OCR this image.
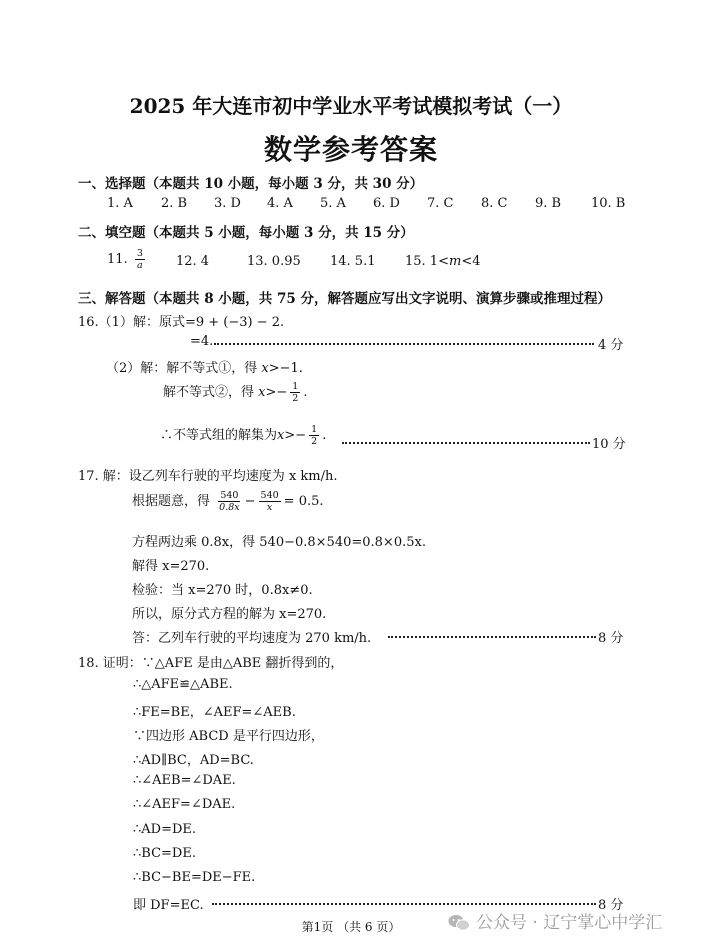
2025 年大连市初中学业水平考试模拟考试（一）
数学参考答案
一、选择题（本题共 10 小题，每小题 3 分，共 30 分）
1. A 2. B 3. D 4. A 5. A 6. D 7. C 8. C 9. B 10. B
二、填空题（本题共 5 小题，每小题 3 分，共 15 分）
11. $\frac{3}{a} 12$. 4	13. 0.95 14. 5.1 15. 1<m<4
三、解答题（本题共 8 小题，共 75 分，解答题应写出文字说明、演算步骤或推理过程）
16.（1）解：原式=9 + (−3) − 2.
=4.	4 分
（2）解：解不等式①，得 x>−1.
解不等式②，得 $x>- \frac{1}{2}$ .
∴不等式组的解集为$x>- \frac{1}{2}$ .
10 分
17. 解：设乙列车行驶的平均速度为 x km/h.
根据题意，得 $\frac{540}{0.8x} - \frac{540}{x} = 0.5$.
方程两边乘 0.8x，得 540−0.8×540=0.8×0.5x.
解得 x=270.
检验：当 x=270 时，0.8x≠0.
所以，原分式方程的解为 x=270.
答：乙列车行驶的平均速度为 270 km/h.	8 分
18. 证明：∵△AFE 是由△ABE 翻折得到的，
∴△AFE≌△ABE.
∴FE=BE，∠AEF=∠AEB.
∵四边形 ABCD 是平行四边形，
∴AD∥BC，AD=BC.
∴∠AEB=∠DAE.
∴∠AEF=∠DAE.
∴AD=DE.
∴BC=DE.
∴BC−BE=DE−FE.
即 DF=EC.	8 分
第1页 （共 6 页）	公众号 · 辽宁掌心中学汇
